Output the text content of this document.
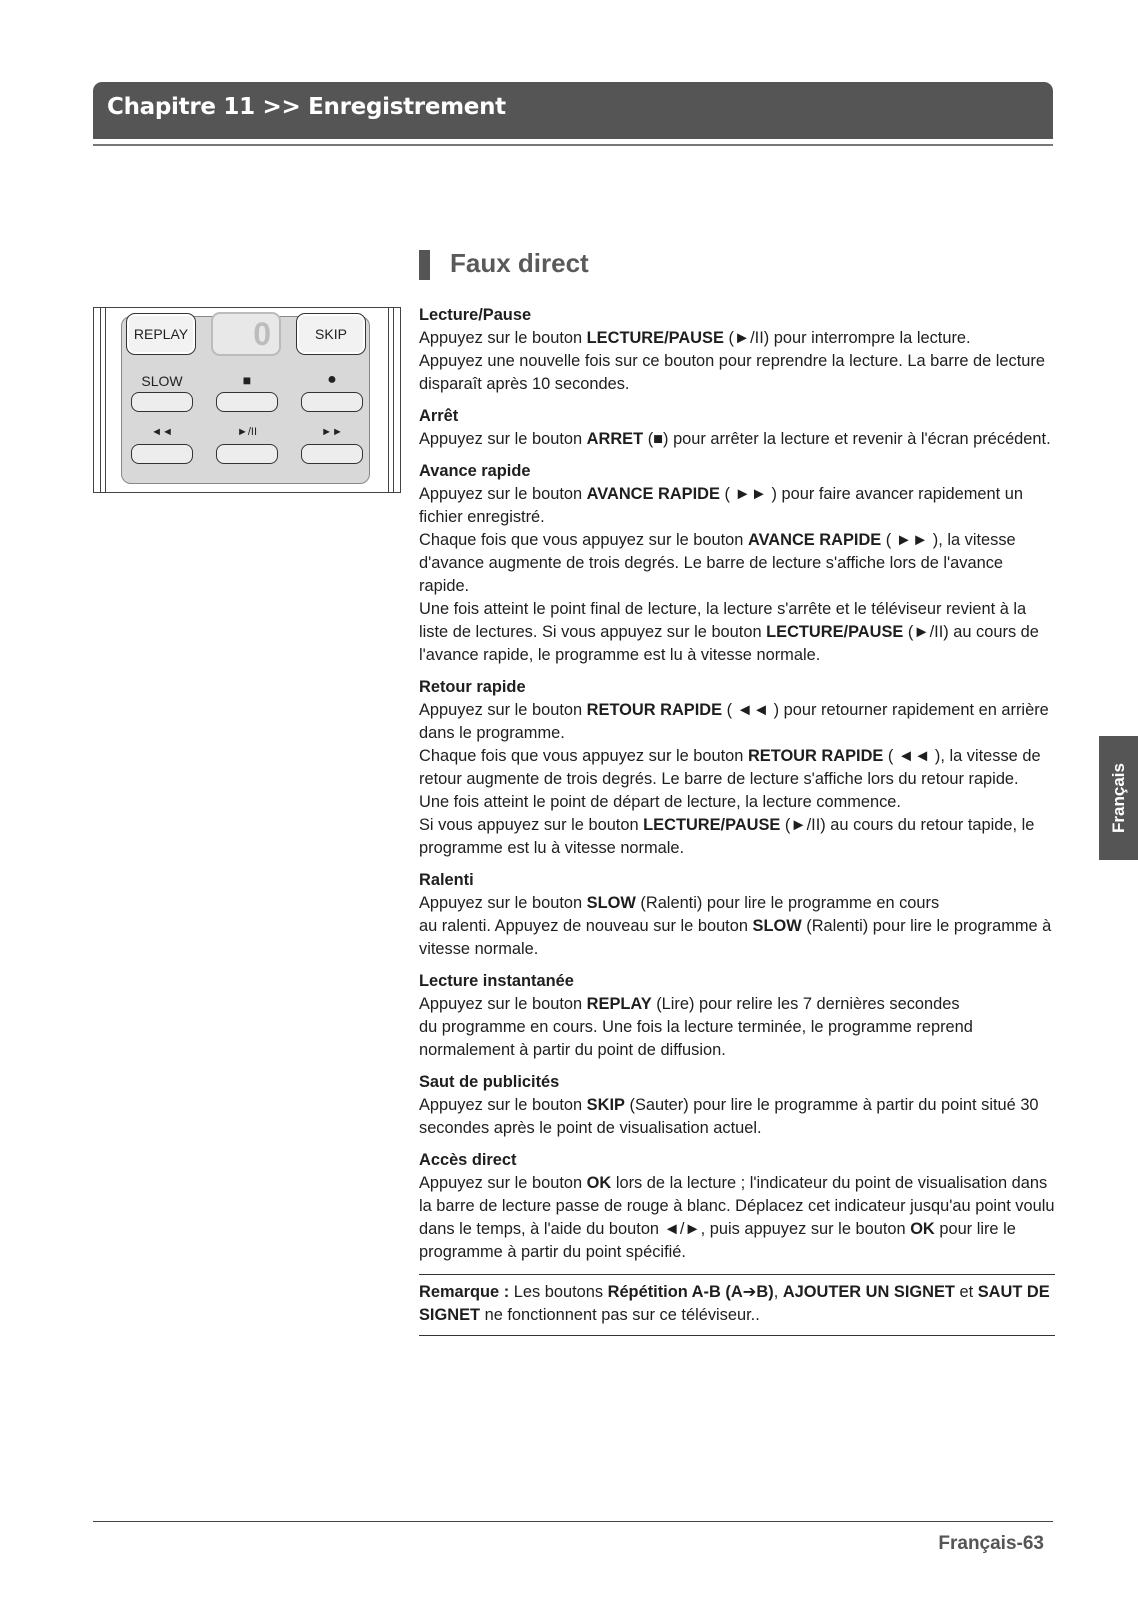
Chapitre 11 >> Enregistrement
Faux direct
REPLAY	0	SKIP
SLOW	■	●
◄◄	►/II	►►
Lecture/Pause

Appuyez sur le bouton LECTURE/PAUSE (►/II) pour interrompre la lecture.
Appuyez une nouvelle fois sur ce bouton pour reprendre la lecture. La barre de lecture disparaît après 10 secondes.

Arrêt

Appuyez sur le bouton ARRET (■) pour arrêter la lecture et revenir à l'écran précédent.

Avance rapide

Appuyez sur le bouton AVANCE RAPIDE ( ►► ) pour faire avancer rapidement un fichier enregistré.
Chaque fois que vous appuyez sur le bouton AVANCE RAPIDE ( ►► ), la vitesse d'avance augmente de trois degrés. Le barre de lecture s'affiche lors de l'avance rapide.
Une fois atteint le point final de lecture, la lecture s'arrête et le téléviseur revient à la liste de lectures. Si vous appuyez sur le bouton LECTURE/PAUSE (►/II) au cours de l'avance rapide, le programme est lu à vitesse normale.

Retour rapide

Appuyez sur le bouton RETOUR RAPIDE ( ◄◄ ) pour retourner rapidement en arrière dans le programme.
Chaque fois que vous appuyez sur le bouton RETOUR RAPIDE ( ◄◄ ), la vitesse de retour augmente de trois degrés. Le barre de lecture s'affiche lors du retour rapide.
Une fois atteint le point de départ de lecture, la lecture commence.
Si vous appuyez sur le bouton LECTURE/PAUSE (►/II) au cours du retour tapide, le programme est lu à vitesse normale.

Ralenti

Appuyez sur le bouton SLOW (Ralenti) pour lire le programme en cours
au ralenti. Appuyez de nouveau sur le bouton SLOW (Ralenti) pour lire le programme à vitesse normale.

Lecture instantanée

Appuyez sur le bouton REPLAY (Lire) pour relire les 7 dernières secondes
du programme en cours. Une fois la lecture terminée, le programme reprend normalement à partir du point de diffusion.

Saut de publicités

Appuyez sur le bouton SKIP (Sauter) pour lire le programme à partir du point situé 30 secondes après le point de visualisation actuel.

Accès direct

Appuyez sur le bouton OK lors de la lecture ; l'indicateur du point de visualisation dans la barre de lecture passe de rouge à blanc. Déplacez cet indicateur jusqu'au point voulu dans le temps, à l'aide du bouton ◄/►, puis appuyez sur le bouton OK pour lire le programme à partir du point spécifié.

Remarque : Les boutons Répétition A-B (A➔B), AJOUTER UN SIGNET et SAUT DE SIGNET ne fonctionnent pas sur ce téléviseur..

Français
Français-63
